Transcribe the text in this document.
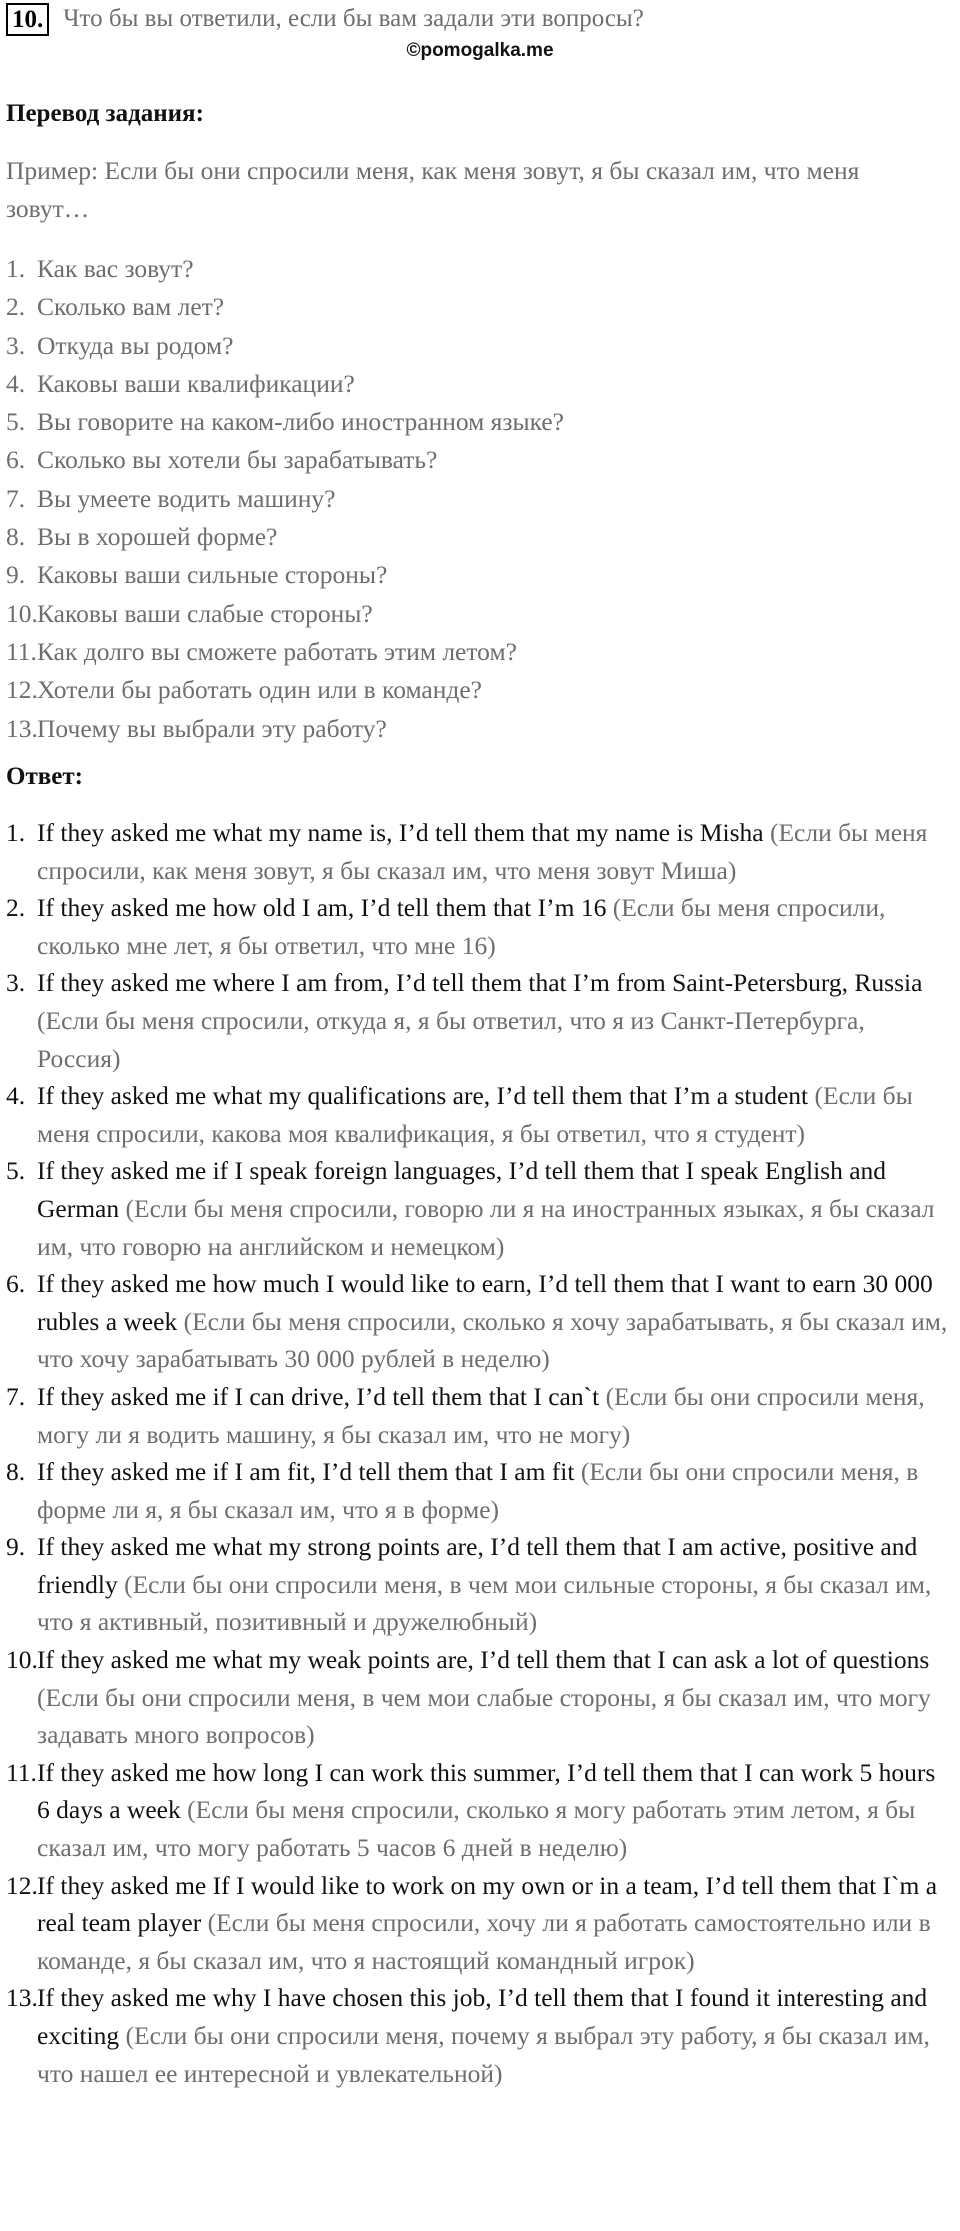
10. Что бы вы ответили, если бы вам задали эти вопросы?
©pomogalka.me
Перевод задания:
Пример: Если бы они спросили меня, как меня зовут, я бы сказал им, что меня зовут…
1. Как вас зовут?
2. Сколько вам лет?
3. Откуда вы родом?
4. Каковы ваши квалификации?
5. Вы говорите на каком-либо иностранном языке?
6. Сколько вы хотели бы зарабатывать?
7. Вы умеете водить машину?
8. Вы в хорошей форме?
9. Каковы ваши сильные стороны?
10. Каковы ваши слабые стороны?
11. Как долго вы сможете работать этим летом?
12. Хотели бы работать один или в команде?
13. Почему вы выбрали эту работу?
Ответ:
1. If they asked me what my name is, I’d tell them that my name is Misha (Если бы меня спросили, как меня зовут, я бы сказал им, что меня зовут Миша)
2. If they asked me how old I am, I’d tell them that I’m 16 (Если бы меня спросили, сколько мне лет, я бы ответил, что мне 16)
3. If they asked me where I am from, I’d tell them that I’m from Saint-Petersburg, Russia (Если бы меня спросили, откуда я, я бы ответил, что я из Санкт-Петербурга, Россия)
4. If they asked me what my qualifications are, I’d tell them that I’m a student (Если бы меня спросили, какова моя квалификация, я бы ответил, что я студент)
5. If they asked me if I speak foreign languages, I’d tell them that I speak English and German (Если бы меня спросили, говорю ли я на иностранных языках, я бы сказал им, что говорю на английском и немецком)
6. If they asked me how much I would like to earn, I’d tell them that I want to earn 30 000 rubles a week (Если бы меня спросили, сколько я хочу зарабатывать, я бы сказал им, что хочу зарабатывать 30 000 рублей в неделю)
7. If they asked me if I can drive, I’d tell them that I can`t (Если бы они спросили меня, могу ли я водить машину, я бы сказал им, что не могу)
8. If they asked me if I am fit, I’d tell them that I am fit (Если бы они спросили меня, в форме ли я, я бы сказал им, что я в форме)
9. If they asked me what my strong points are, I’d tell them that I am active, positive and friendly (Если бы они спросили меня, в чем мои сильные стороны, я бы сказал им, что я активный, позитивный и дружелюбный)
10. If they asked me what my weak points are, I’d tell them that I can ask a lot of questions (Если бы они спросили меня, в чем мои слабые стороны, я бы сказал им, что могу задавать много вопросов)
11. If they asked me how long I can work this summer, I’d tell them that I can work 5 hours 6 days a week (Если бы меня спросили, сколько я могу работать этим летом, я бы сказал им, что могу работать 5 часов 6 дней в неделю)
12. If they asked me If I would like to work on my own or in a team, I’d tell them that I`m a real team player (Если бы меня спросили, хочу ли я работать самостоятельно или в команде, я бы сказал им, что я настоящий командный игрок)
13. If they asked me why I have chosen this job, I’d tell them that I found it interesting and exciting (Если бы они спросили меня, почему я выбрал эту работу, я бы сказал им, что нашел ее интересной и увлекательной)
